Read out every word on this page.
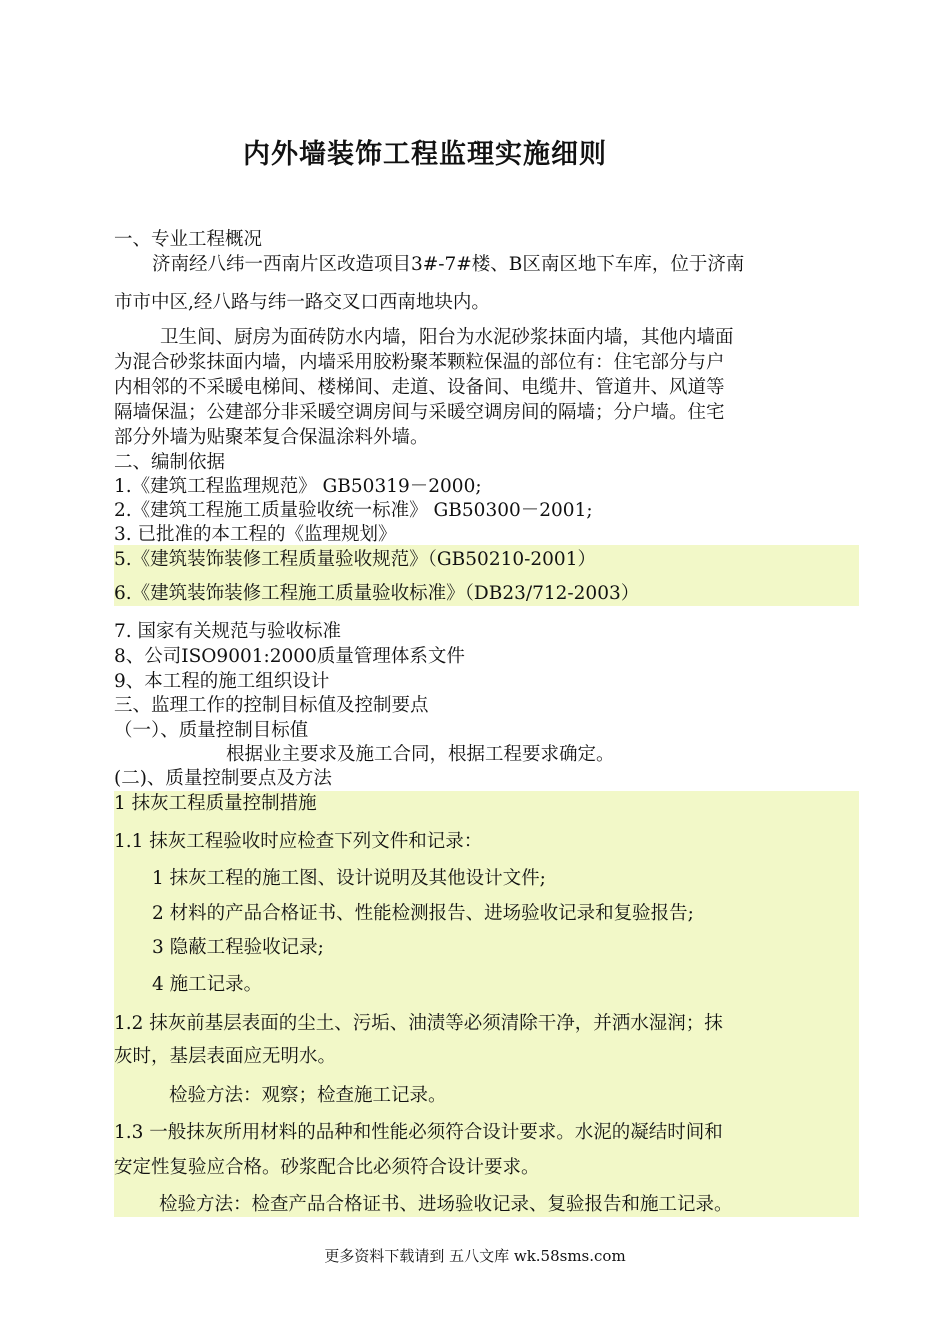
内外墙装饰工程监理实施细则
一、专业工程概况
济南经八纬一西南片区改造项目3#-7#楼、B区南区地下车库，位于济南
市市中区,经八路与纬一路交叉口西南地块内。
卫生间、厨房为面砖防水内墙，阳台为水泥砂浆抹面内墙，其他内墙面
为混合砂浆抹面内墙，内墙采用胶粉聚苯颗粒保温的部位有：住宅部分与户
内相邻的不采暖电梯间、楼梯间、走道、设备间、电缆井、管道井、风道等
隔墙保温；公建部分非采暖空调房间与采暖空调房间的隔墙；分户墙。住宅
部分外墙为贴聚苯复合保温涂料外墙。
二、编制依据
1.《建筑工程监理规范》 GB50319－2000;
2.《建筑工程施工质量验收统一标准》 GB50300－2001;
3. 已批准的本工程的《监理规划》
5.《建筑装饰装修工程质量验收规范》（GB50210-2001）
6.《建筑装饰装修工程施工质量验收标准》（DB23/712-2003）
7. 国家有关规范与验收标准
8、公司ISO9001:2000质量管理体系文件
9、本工程的施工组织设计
三、监理工作的控制目标值及控制要点
（一）、质量控制目标值
根据业主要求及施工合同，根据工程要求确定。
(二)、质量控制要点及方法
1 抹灰工程质量控制措施
1.1 抹灰工程验收时应检查下列文件和记录：
1 抹灰工程的施工图、设计说明及其他设计文件;
2 材料的产品合格证书、性能检测报告、进场验收记录和复验报告;
3 隐蔽工程验收记录;
4 施工记录。
1.2 抹灰前基层表面的尘土、污垢、油渍等必须清除干净，并洒水湿润；抹
灰时，基层表面应无明水。
检验方法：观察；检查施工记录。
1.3 一般抹灰所用材料的品种和性能必须符合设计要求。水泥的凝结时间和
安定性复验应合格。砂浆配合比必须符合设计要求。
检验方法：检查产品合格证书、进场验收记录、复验报告和施工记录。
更多资料下载请到 五八文库 wk.58sms.com
